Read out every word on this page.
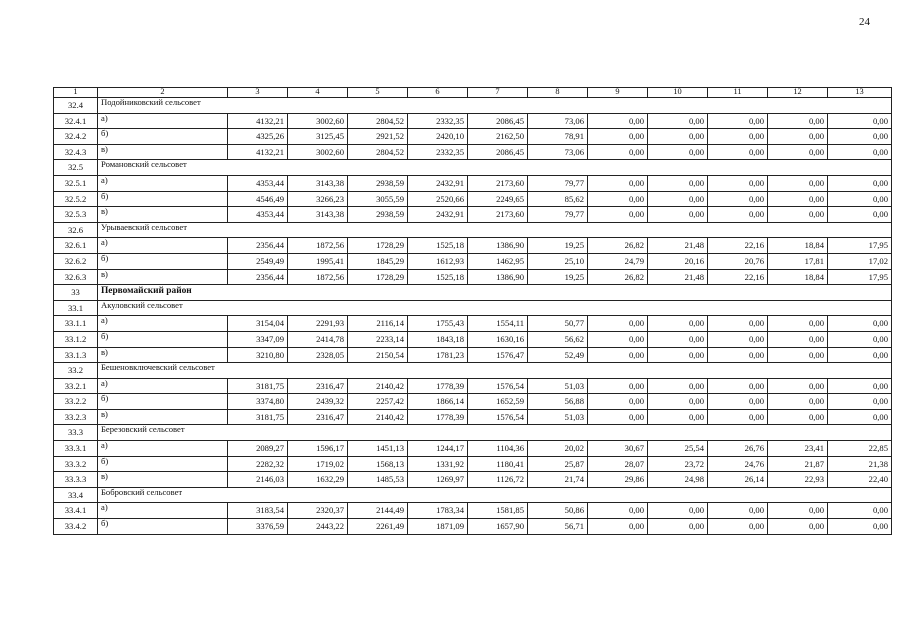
24
1	2	3	4	5	6	7	8	9	10	11	12	13
32.4	Подойниковский сельсовет											
32.4.1	а)	4132,21	3002,60	2804,52	2332,35	2086,45	73,06	0,00	0,00	0,00	0,00	0,00
32.4.2	б)	4325,26	3125,45	2921,52	2420,10	2162,50	78,91	0,00	0,00	0,00	0,00	0,00
32.4.3	в)	4132,21	3002,60	2804,52	2332,35	2086,45	73,06	0,00	0,00	0,00	0,00	0,00
32.5	Романовский сельсовет											
32.5.1	а)	4353,44	3143,38	2938,59	2432,91	2173,60	79,77	0,00	0,00	0,00	0,00	0,00
32.5.2	б)	4546,49	3266,23	3055,59	2520,66	2249,65	85,62	0,00	0,00	0,00	0,00	0,00
32.5.3	в)	4353,44	3143,38	2938,59	2432,91	2173,60	79,77	0,00	0,00	0,00	0,00	0,00
32.6	Урываевский сельсовет											
32.6.1	а)	2356,44	1872,56	1728,29	1525,18	1386,90	19,25	26,82	21,48	22,16	18,84	17,95
32.6.2	б)	2549,49	1995,41	1845,29	1612,93	1462,95	25,10	24,79	20,16	20,76	17,81	17,02
32.6.3	в)	2356,44	1872,56	1728,29	1525,18	1386,90	19,25	26,82	21,48	22,16	18,84	17,95
33	Первомайский район											
33.1	Акуловский сельсовет											
33.1.1	а)	3154,04	2291,93	2116,14	1755,43	1554,11	50,77	0,00	0,00	0,00	0,00	0,00
33.1.2	б)	3347,09	2414,78	2233,14	1843,18	1630,16	56,62	0,00	0,00	0,00	0,00	0,00
33.1.3	в)	3210,80	2328,05	2150,54	1781,23	1576,47	52,49	0,00	0,00	0,00	0,00	0,00
33.2	Бешеновключевский сельсовет											
33.2.1	а)	3181,75	2316,47	2140,42	1778,39	1576,54	51,03	0,00	0,00	0,00	0,00	0,00
33.2.2	б)	3374,80	2439,32	2257,42	1866,14	1652,59	56,88	0,00	0,00	0,00	0,00	0,00
33.2.3	в)	3181,75	2316,47	2140,42	1778,39	1576,54	51,03	0,00	0,00	0,00	0,00	0,00
33.3	Березовский сельсовет											
33.3.1	а)	2089,27	1596,17	1451,13	1244,17	1104,36	20,02	30,67	25,54	26,76	23,41	22,85
33.3.2	б)	2282,32	1719,02	1568,13	1331,92	1180,41	25,87	28,07	23,72	24,76	21,87	21,38
33.3.3	в)	2146,03	1632,29	1485,53	1269,97	1126,72	21,74	29,86	24,98	26,14	22,93	22,40
33.4	Бобровский сельсовет											
33.4.1	а)	3183,54	2320,37	2144,49	1783,34	1581,85	50,86	0,00	0,00	0,00	0,00	0,00
33.4.2	б)	3376,59	2443,22	2261,49	1871,09	1657,90	56,71	0,00	0,00	0,00	0,00	0,00
